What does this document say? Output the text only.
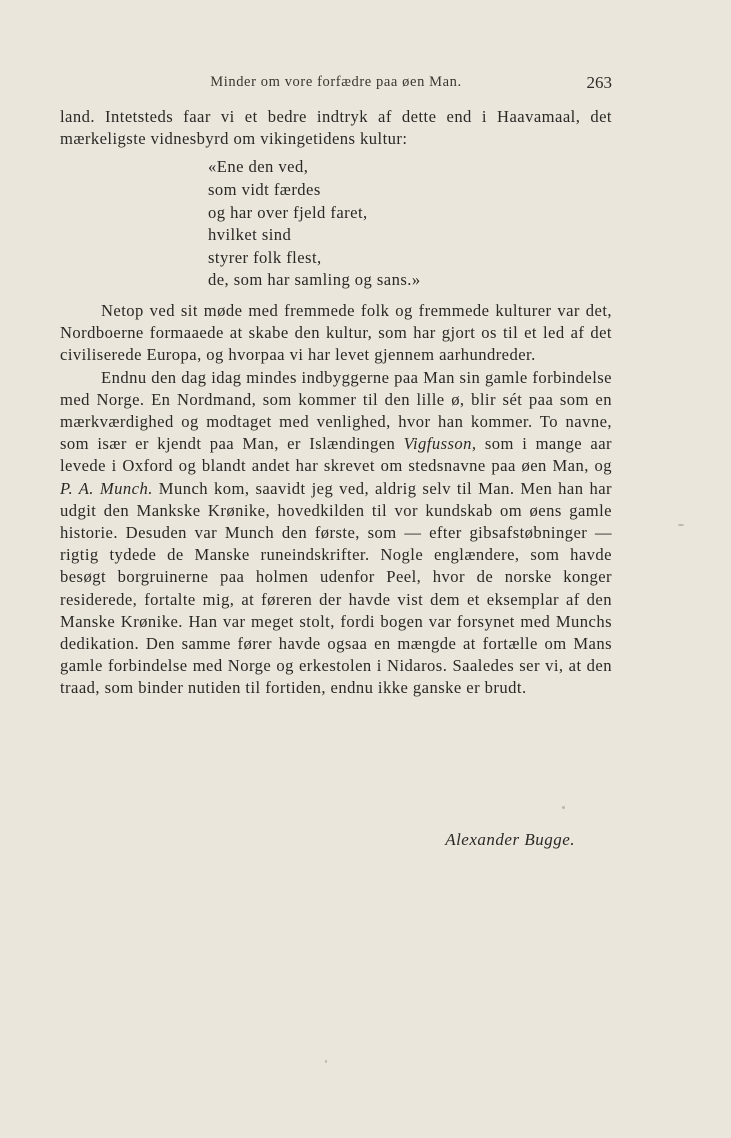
Minder om vore forfædre paa øen Man.	263

land. Intetsteds faar vi et bedre indtryk af dette end i Haavamaal, det mærkeligste vidnesbyrd om vikingetidens kultur:

«Ene den ved,
som vidt færdes
og har over fjeld faret,
hvilket sind
styrer folk flest,
de, som har samling og sans.»

Netop ved sit møde med fremmede folk og fremmede kulturer var det, Nordboerne formaaede at skabe den kultur, som har gjort os til et led af det civiliserede Europa, og hvorpaa vi har levet gjennem aarhundreder.

Endnu den dag idag mindes indbyggerne paa Man sin gamle forbindelse med Norge. En Nordmand, som kommer til den lille ø, blir sét paa som en mærkværdighed og modtaget med venlighed, hvor han kommer. To navne, som især er kjendt paa Man, er Islændingen Vigfusson, som i mange aar levede i Oxford og blandt andet har skrevet om stedsnavne paa øen Man, og P. A. Munch. Munch kom, saavidt jeg ved, aldrig selv til Man. Men han har udgit den Mankske Krønike, hovedkilden til vor kundskab om øens gamle historie. Desuden var Munch den første, som — efter gibsafstøbninger — rigtig tydede de Manske runeindskrifter. Nogle englændere, som havde besøgt borgruinerne paa holmen udenfor Peel, hvor de norske konger residerede, fortalte mig, at føreren der havde vist dem et eksemplar af den Manske Krønike. Han var meget stolt, fordi bogen var forsynet med Munchs dedikation. Den samme fører havde ogsaa en mængde at fortælle om Mans gamle forbindelse med Norge og erkestolen i Nidaros. Saaledes ser vi, at den traad, som binder nutiden til fortiden, endnu ikke ganske er brudt.

Alexander Bugge.
